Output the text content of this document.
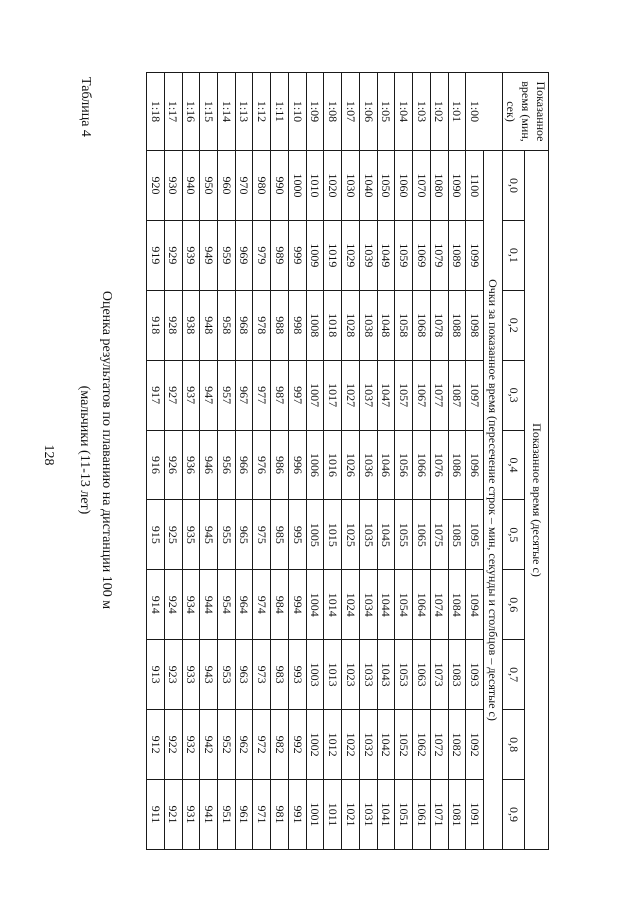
128	Оценка результатов по плаванию на дистанции 100 м
(мальчики (11-13 лет)
Таблица 4	Показанное время (мин, сек)	Показанное время (десятые с)									
	0,0	0,1	0,2	0,3	0,4	0,5	0,6	0,7	0,8	0,9
	Очки за показанное время (пересечение строк – мин, секунды и столбцов – десятые с)									
1:00	1100	1099	1098	1097	1096	1095	1094	1093	1092	1091
1:01	1090	1089	1088	1087	1086	1085	1084	1083	1082	1081
1:02	1080	1079	1078	1077	1076	1075	1074	1073	1072	1071
1:03	1070	1069	1068	1067	1066	1065	1064	1063	1062	1061
1:04	1060	1059	1058	1057	1056	1055	1054	1053	1052	1051
1:05	1050	1049	1048	1047	1046	1045	1044	1043	1042	1041
1:06	1040	1039	1038	1037	1036	1035	1034	1033	1032	1031
1:07	1030	1029	1028	1027	1026	1025	1024	1023	1022	1021
1:08	1020	1019	1018	1017	1016	1015	1014	1013	1012	1011
1:09	1010	1009	1008	1007	1006	1005	1004	1003	1002	1001
1:10	1000	999	998	997	996	995	994	993	992	991
1:11	990	989	988	987	986	985	984	983	982	981
1:12	980	979	978	977	976	975	974	973	972	971
1:13	970	969	968	967	966	965	964	963	962	961
1:14	960	959	958	957	956	955	954	953	952	951
1:15	950	949	948	947	946	945	944	943	942	941
1:16	940	939	938	937	936	935	934	933	932	931
1:17	930	929	928	927	926	925	924	923	922	921
1:18	920	919	918	917	916	915	914	913	912	911
